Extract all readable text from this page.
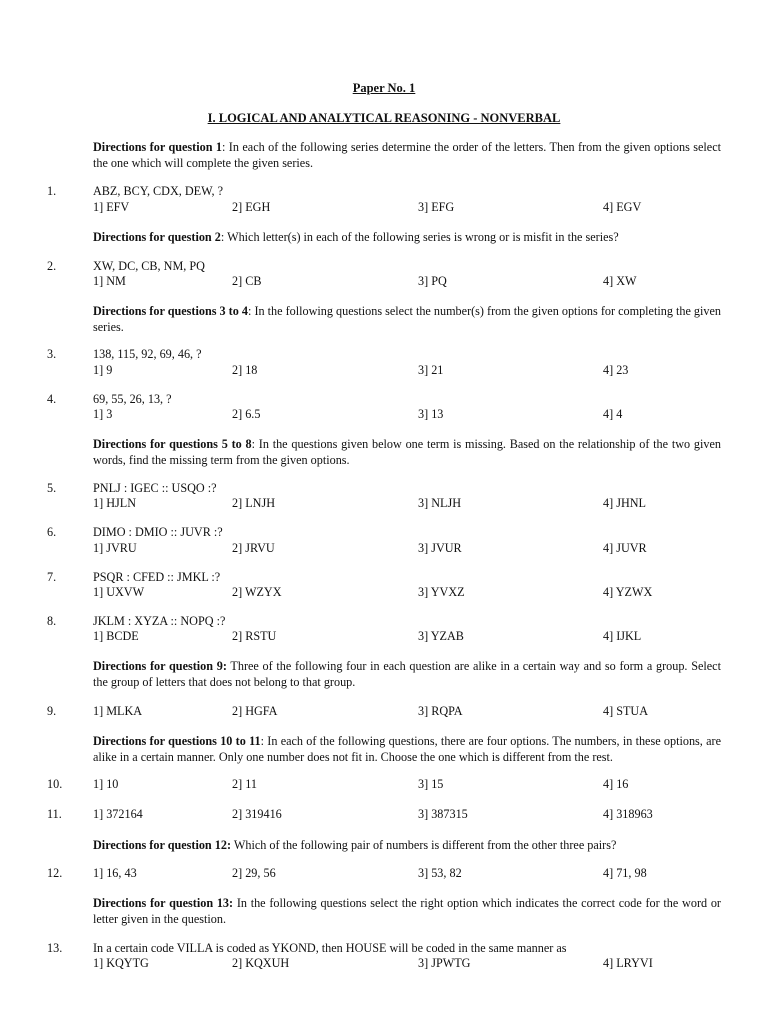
Paper No. 1
I. LOGICAL AND ANALYTICAL REASONING - NONVERBAL
Directions for question 1: In each of the following series determine the order of the letters. Then from the given options select the one which will complete the given series.
1.	ABZ, BCY, CDX, DEW, ?
1] EFV	2] EGH	3] EFG	4] EGV
Directions for question 2: Which letter(s) in each of the following series is wrong or is misfit in the series?
2.	XW, DC, CB, NM, PQ
1] NM	2] CB	3] PQ	4] XW
Directions for questions 3 to 4: In the following questions select the number(s) from the given options for completing the given series.
3.	138, 115, 92, 69, 46, ?
1] 9	2] 18	3] 21	4] 23
4.	69, 55, 26, 13, ?
1] 3	2] 6.5	3] 13	4] 4
Directions for questions 5 to 8: In the questions given below one term is missing. Based on the relationship of the two given words, find the missing term from the given options.
5.	PNLJ : IGEC :: USQO :?
1] HJLN	2] LNJH	3] NLJH	4] JHNL
6.	DIMO : DMIO :: JUVR :?
1] JVRU	2] JRVU	3] JVUR	4] JUVR
7.	PSQR : CFED :: JMKL :?
1] UXVW	2] WZYX	3] YVXZ	4] YZWX
8.	JKLM : XYZA :: NOPQ :?
1] BCDE	2] RSTU	3] YZAB	4] IJKL
Directions for question 9: Three of the following four in each question are alike in a certain way and so form a group. Select the group of letters that does not belong to that group.
9.	1] MLKA	2] HGFA	3] RQPA	4] STUA
Directions for questions 10 to 11: In each of the following questions, there are four options. The numbers, in these options, are alike in a certain manner. Only one number does not fit in. Choose the one which is different from the rest.
10.	1] 10	2] 11	3] 15	4] 16
11.	1] 372164	2] 319416	3] 387315	4] 318963
Directions for question 12: Which of the following pair of numbers is different from the other three pairs?
12.	1] 16, 43	2] 29, 56	3] 53, 82	4] 71, 98
Directions for question 13: In the following questions select the right option which indicates the correct code for the word or letter given in the question.
13.	In a certain code VILLA is coded as YKOND, then HOUSE will be coded in the same manner as
1] KQYTG	2] KQXUH	3] JPWTG	4] LRYVI
